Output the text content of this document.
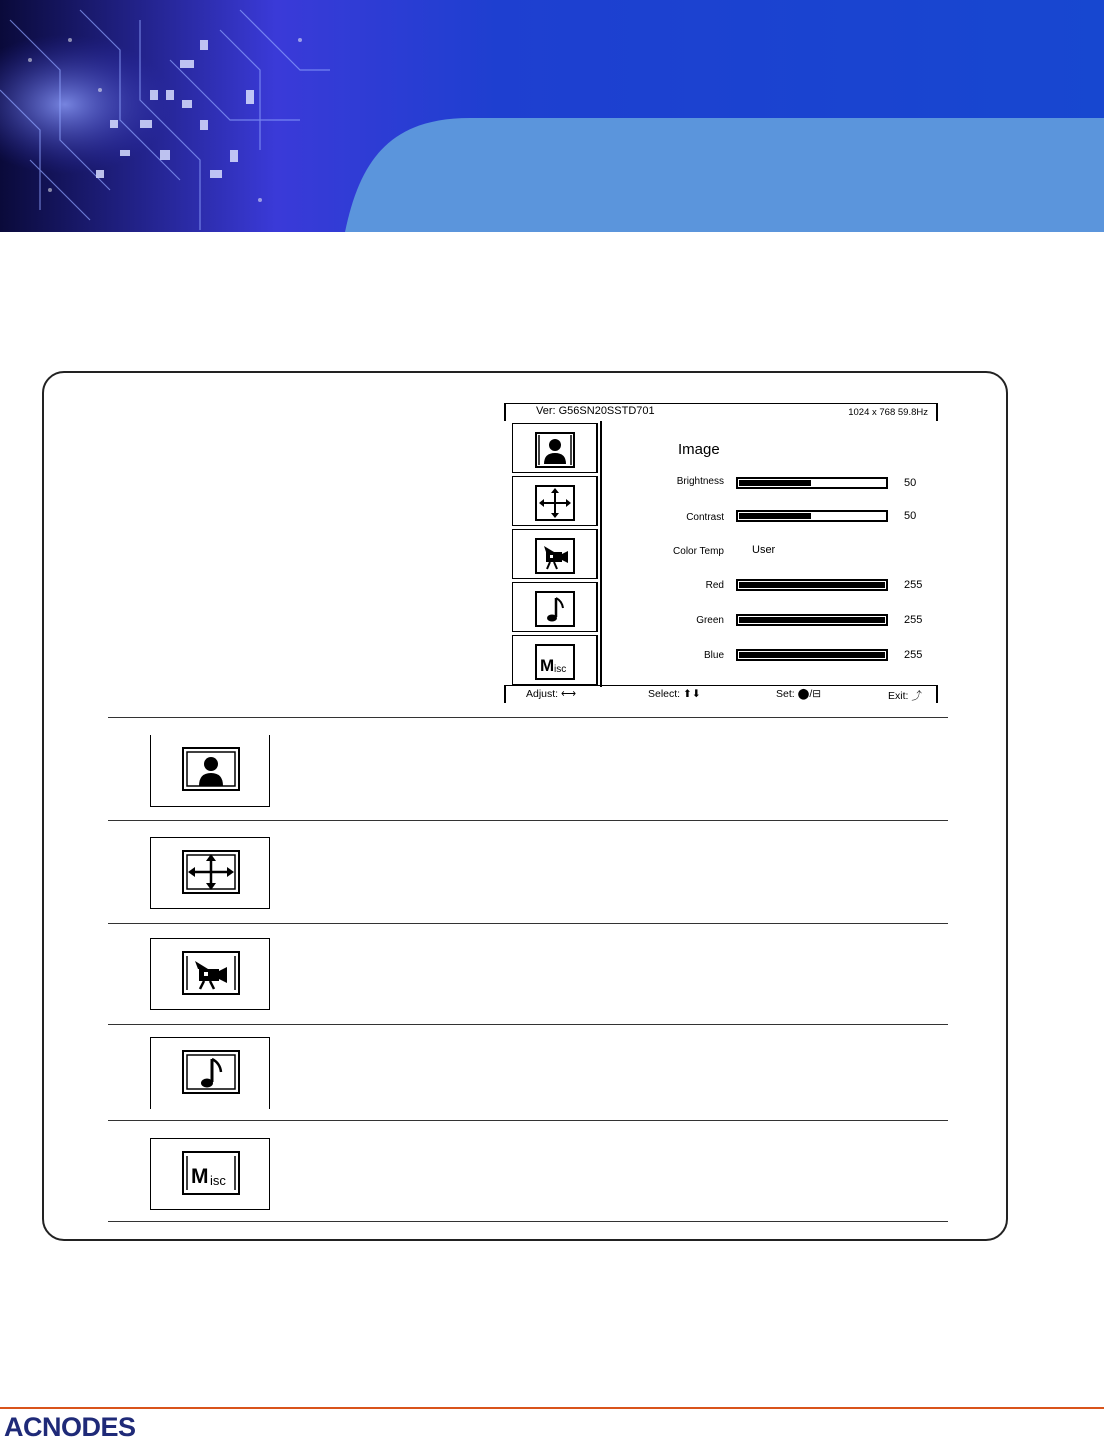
Ver: G56SN20SSTD701	1024 x 768 59.8Hz
M isc
Image
Brightness	50
Contrast	50
Color Temp	User
Red	255
Green	255
Blue	255
Adjust: ⟷	Select: ⬆⬇	Set: ⬤/⊟	Exit: ⤴
M isc
ACNODES
